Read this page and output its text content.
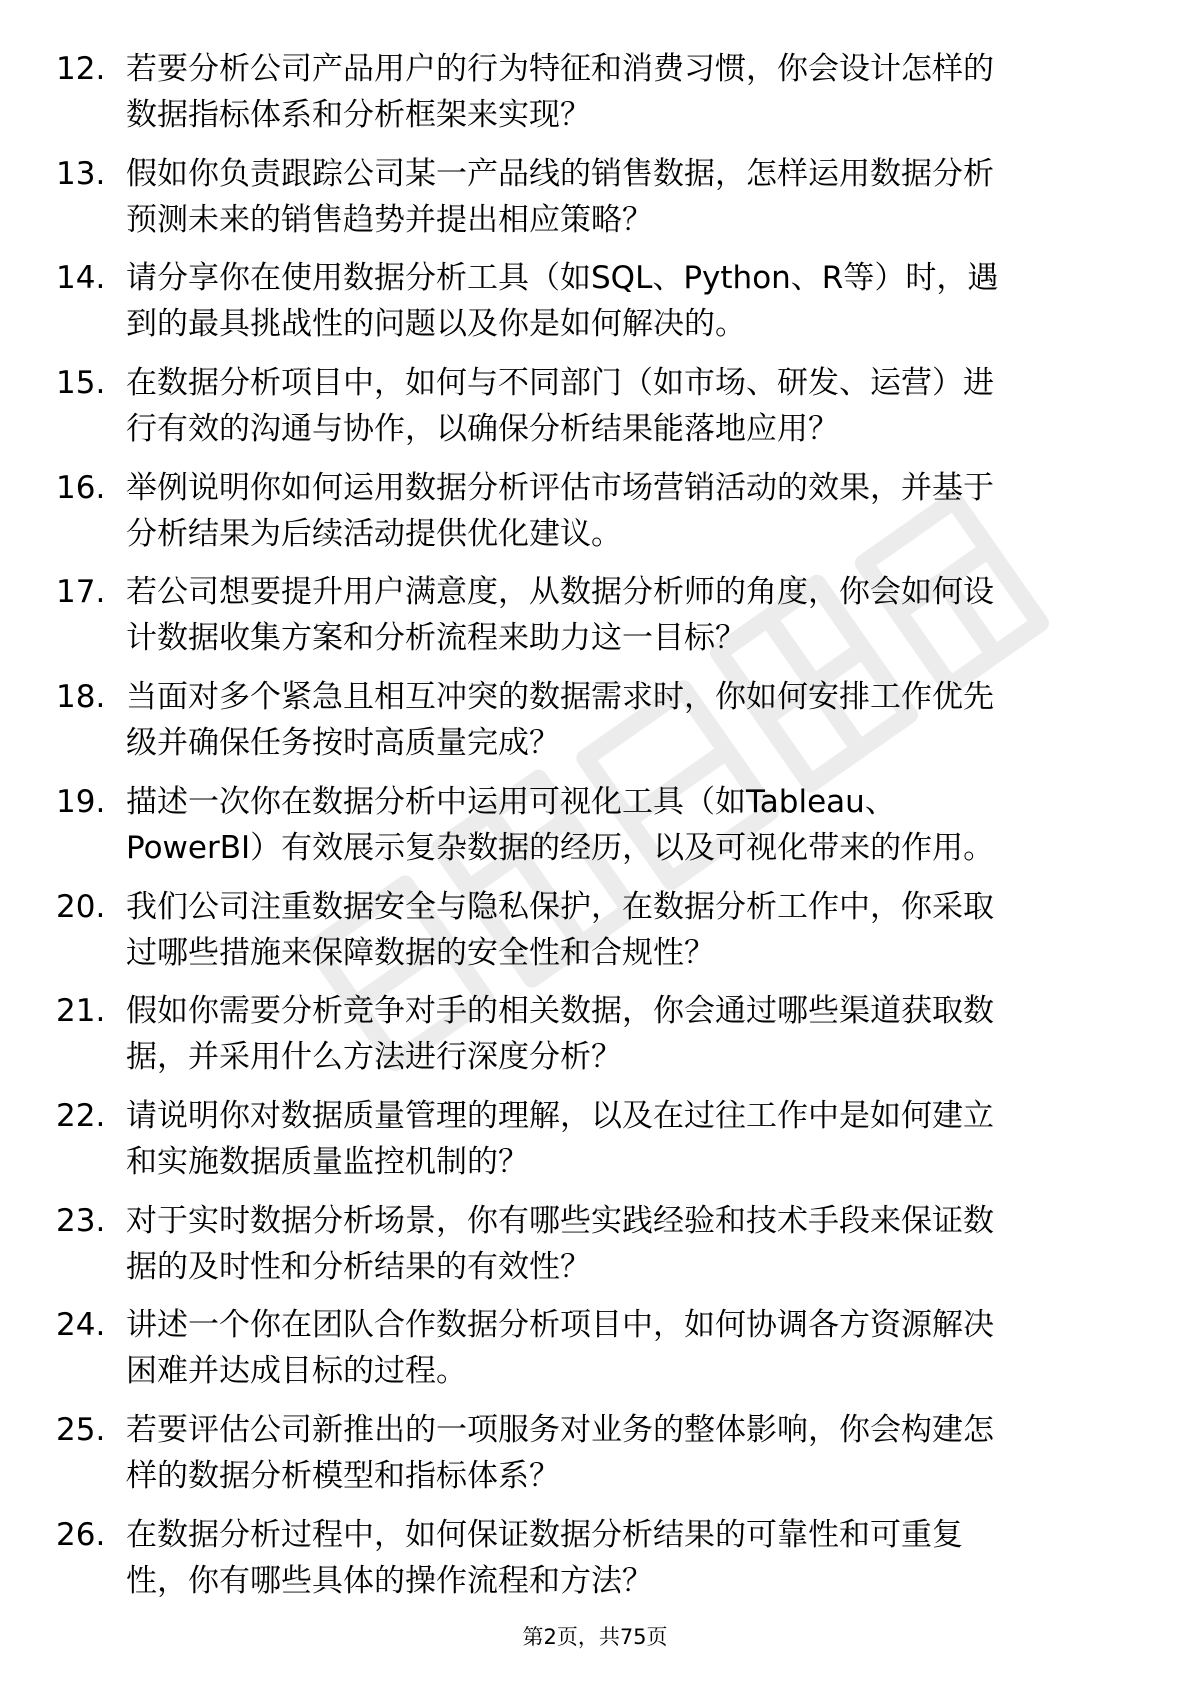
12. 若要分析公司产品用户的行为特征和消费习惯，你会设计怎样的
数据指标体系和分析框架来实现？
13. 假如你负责跟踪公司某一产品线的销售数据，怎样运用数据分析
预测未来的销售趋势并提出相应策略？
14. 请分享你在使用数据分析工具（如SQL、Python、R等）时，遇
到的最具挑战性的问题以及你是如何解决的。
15. 在数据分析项目中，如何与不同部门（如市场、研发、运营）进
行有效的沟通与协作，以确保分析结果能落地应用？
16. 举例说明你如何运用数据分析评估市场营销活动的效果，并基于
分析结果为后续活动提供优化建议。
17. 若公司想要提升用户满意度，从数据分析师的角度，你会如何设
计数据收集方案和分析流程来助力这一目标？
18. 当面对多个紧急且相互冲突的数据需求时，你如何安排工作优先
级并确保任务按时高质量完成？
19. 描述一次你在数据分析中运用可视化工具（如Tableau、
PowerBI）有效展示复杂数据的经历，以及可视化带来的作用。
20. 我们公司注重数据安全与隐私保护，在数据分析工作中，你采取
过哪些措施来保障数据的安全性和合规性？
21. 假如你需要分析竞争对手的相关数据，你会通过哪些渠道获取数
据，并采用什么方法进行深度分析？
22. 请说明你对数据质量管理的理解，以及在过往工作中是如何建立
和实施数据质量监控机制的？
23. 对于实时数据分析场景，你有哪些实践经验和技术手段来保证数
据的及时性和分析结果的有效性？
24. 讲述一个你在团队合作数据分析项目中，如何协调各方资源解决
困难并达成目标的过程。
25. 若要评估公司新推出的一项服务对业务的整体影响，你会构建怎
样的数据分析模型和指标体系？
26. 在数据分析过程中，如何保证数据分析结果的可靠性和可重复
性，你有哪些具体的操作流程和方法？
第2页，共75页
